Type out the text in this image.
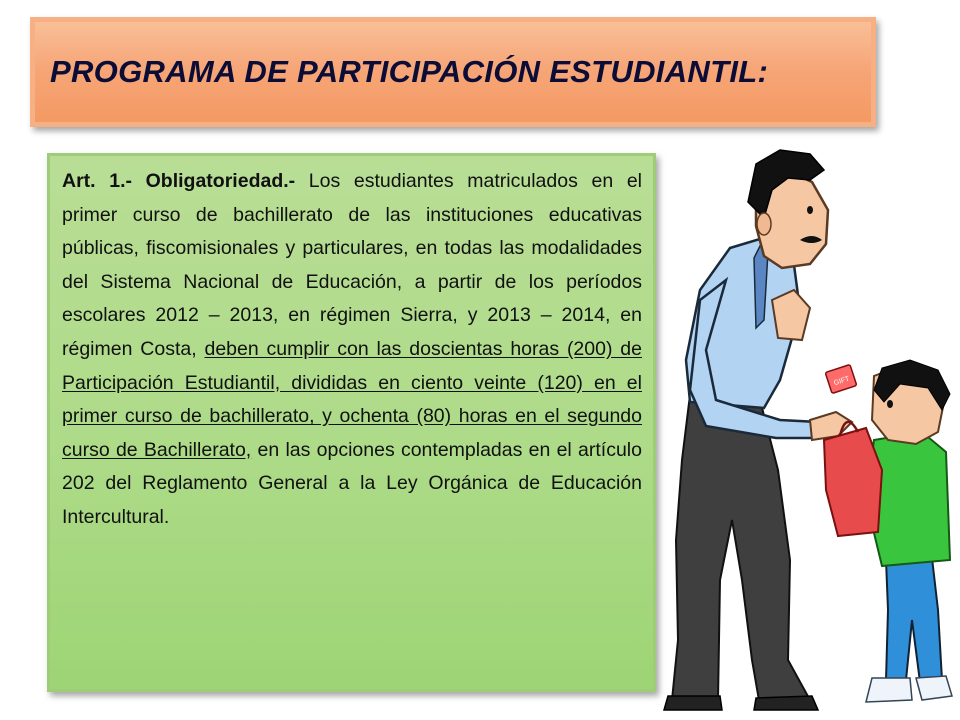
PROGRAMA DE PARTICIPACIÓN ESTUDIANTIL:

Art. 1.- Obligatoriedad.- Los estudiantes matriculados en el primer curso de bachillerato de las instituciones educativas públicas, fiscomisionales y particulares, en todas las modalidades del Sistema Nacional de Educación, a partir de los períodos escolares 2012 – 2013, en régimen Sierra, y 2013 – 2014, en régimen Costa, deben cumplir con las doscientas horas (200) de Participación Estudiantil, divididas en ciento veinte (120) en el primer curso de bachillerato, y ochenta (80) horas en el segundo curso de Bachillerato, en las opciones contempladas en el artículo 202 del Reglamento General a la Ley Orgánica de Educación Intercultural.

GIFT
